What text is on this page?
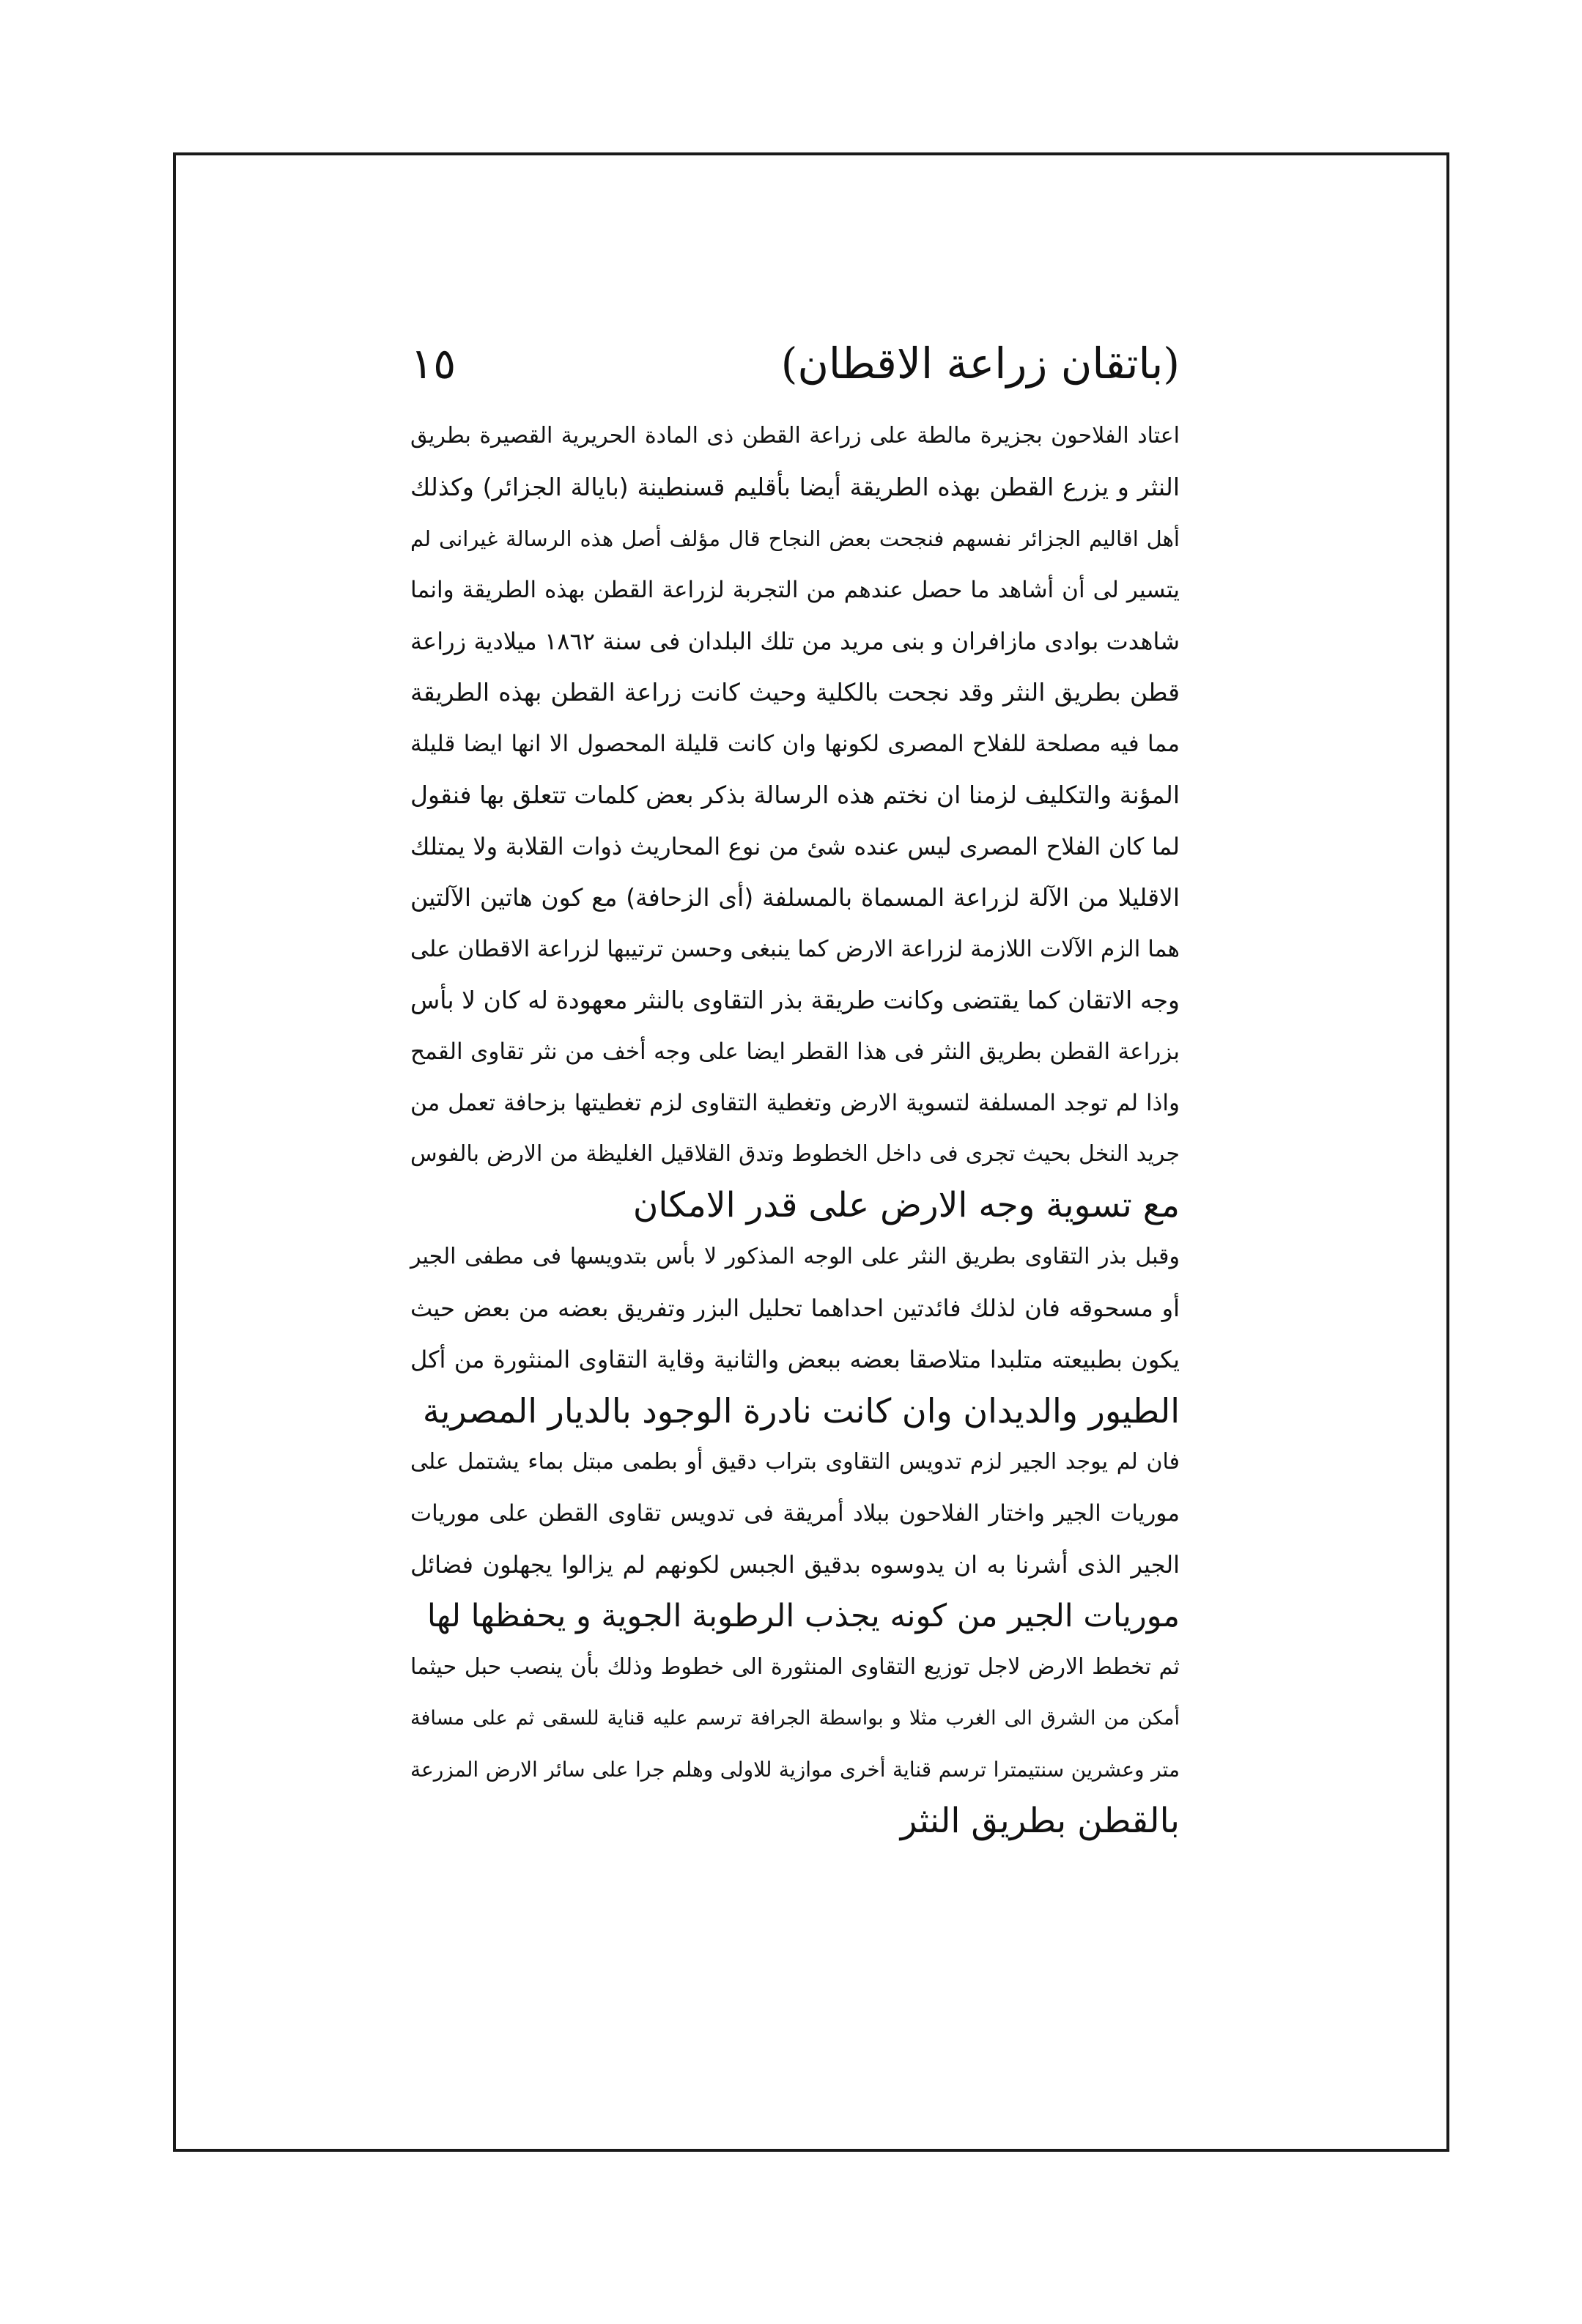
(باتقان زراعة الاقطان)
١٥
اعتاد الفلاحون بجزيرة مالطة على زراعة القطن ذى المادة الحريرية القصيرة بطريق
النثر و يزرع القطن بهذه الطريقة أيضا بأقليم قسنطينة (بايالة الجزائر) وكذلك
أهل اقاليم الجزائر نفسهم فنجحت بعض النجاح قال مؤلف أصل هذه الرسالة غيرانى لم
يتسير لى أن أشاهد ما حصل عندهم من التجربة لزراعة القطن بهذه الطريقة وانما
شاهدت بوادى مازافران و بنى مريد من تلك البلدان فى سنة ١٨٦٢ ميلادية زراعة
قطن بطريق النثر وقد نجحت بالكلية وحيث كانت زراعة القطن بهذه الطريقة
مما فيه مصلحة للفلاح المصرى لكونها وان كانت قليلة المحصول الا انها ايضا قليلة
المؤنة والتكليف لزمنا ان نختم هذه الرسالة بذكر بعض كلمات تتعلق بها فنقول
لما كان الفلاح المصرى ليس عنده شئ من نوع المحاريث ذوات القلابة ولا يمتلك
الاقليلا من الآلة لزراعة المسماة بالمسلفة (أى الزحافة) مع كون هاتين الآلتين
هما الزم الآلات اللازمة لزراعة الارض كما ينبغى وحسن ترتيبها لزراعة الاقطان على
وجه الاتقان كما يقتضى وكانت طريقة بذر التقاوى بالنثر معهودة له كان لا بأس
بزراعة القطن بطريق النثر فى هذا القطر ايضا على وجه أخف من نثر تقاوى القمح
واذا لم توجد المسلفة لتسوية الارض وتغطية التقاوى لزم تغطيتها بزحافة تعمل من
جريد النخل بحيث تجرى فى داخل الخطوط وتدق القلاقيل الغليظة من الارض بالفوس
مع تسوية وجه الارض على قدر الامكان
وقبل بذر التقاوى بطريق النثر على الوجه المذكور لا بأس بتدويسها فى مطفى الجير
أو مسحوقه فان لذلك فائدتين احداهما تحليل البزر وتفريق بعضه من بعض حيث
يكون بطبيعته متلبدا متلاصقا بعضه ببعض والثانية وقاية التقاوى المنثورة من أكل
الطيور والديدان وان كانت نادرة الوجود بالديار المصرية
فان لم يوجد الجير لزم تدويس التقاوى بتراب دقيق أو بطمى مبتل بماء يشتمل على
موريات الجير واختار الفلاحون ببلاد أمريقة فى تدويس تقاوى القطن على موريات
الجير الذى أشرنا به ان يدوسوه بدقيق الجبس لكونهم لم يزالوا يجهلون فضائل
موريات الجير من كونه يجذب الرطوبة الجوية و يحفظها لها
ثم تخطط الارض لاجل توزيع التقاوى المنثورة الى خطوط وذلك بأن ينصب حبل حيثما
أمكن من الشرق الى الغرب مثلا و بواسطة الجرافة ترسم عليه قناية للسقى ثم على مسافة
متر وعشرين سنتيمترا ترسم قناية أخرى موازية للاولى وهلم جرا على سائر الارض المزرعة
بالقطن بطريق النثر
